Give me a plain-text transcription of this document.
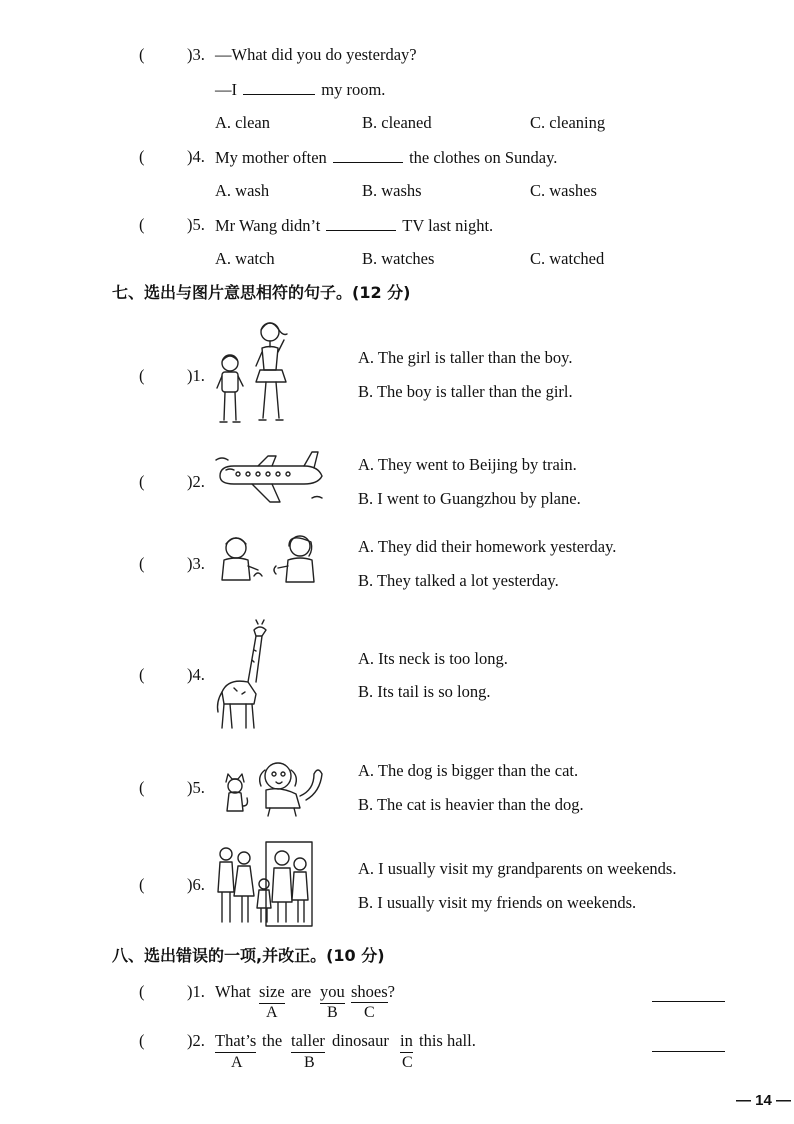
(	)3. —What did you do yesterday?
—I	my room.
A. clean	B. cleaned	C. cleaning
(	)4. My mother often	the clothes on Sunday.
A. wash	B. washs	C. washes
(	)5. Mr Wang didn’t	TV last night.
A. watch	B. watches	C. watched
七、选出与图片意思相符的句子。(12 分)
(	)1.
A. The girl is taller than the boy.
B. The boy is taller than the girl.
(	)2.
A. They went to Beijing by train.
B. I went to Guangzhou by plane.
(	)3.
A. They did their homework yesterday.
B. They talked a lot yesterday.
(	)4.
A. Its neck is too long.
B. Its tail is so long.
(	)5.
A. The dog is bigger than the cat.
B. The cat is heavier than the dog.
(	)6.
A. I usually visit my grandparents on weekends.
B. I usually visit my friends on weekends.
八、选出错误的一项,并改正。(10 分)
(	)1. What size are you shoes?
A	B C
(	)2. That’s the taller dinosaur in this hall.
A	B	C
— 14 —
